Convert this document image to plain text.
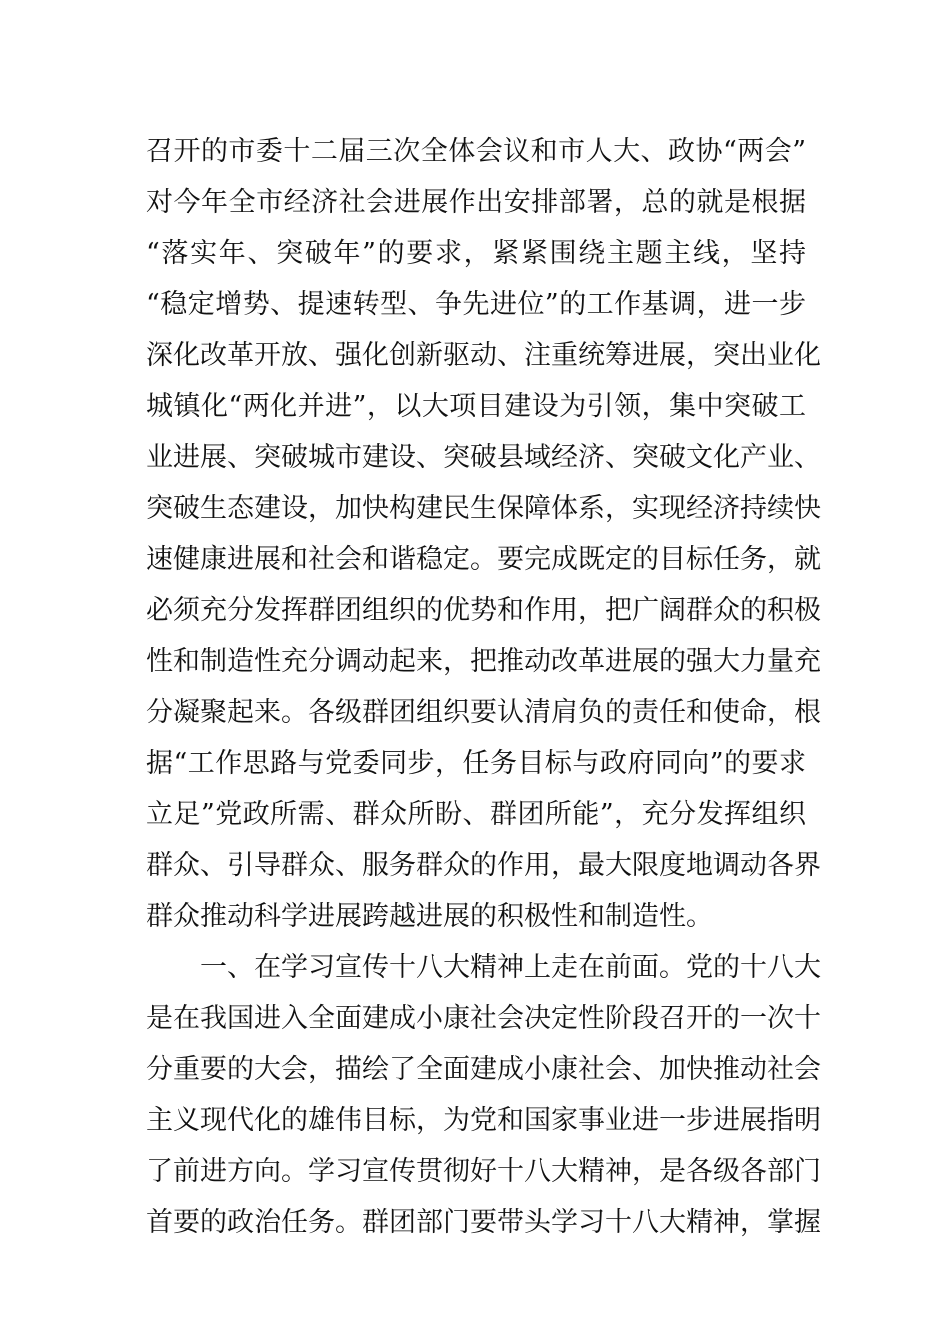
召开的市委十二届三次全体会议和市人大、政协“两会”
对今年全市经济社会进展作出安排部署，总的就是根据
“落实年、突破年”的要求，紧紧围绕主题主线，坚持
“稳定增势、提速转型、争先进位”的工作基调，进一步
深化改革开放、强化创新驱动、注重统筹进展，突出业化
城镇化“两化并进”，以大项目建设为引领，集中突破工
业进展、突破城市建设、突破县域经济、突破文化产业、
突破生态建设，加快构建民生保障体系，实现经济持续快
速健康进展和社会和谐稳定。要完成既定的目标任务，就
必须充分发挥群团组织的优势和作用，把广阔群众的积极
性和制造性充分调动起来，把推动改革进展的强大力量充
分凝聚起来。各级群团组织要认清肩负的责任和使命，根
据“工作思路与党委同步，任务目标与政府同向”的要求
立足”党政所需、群众所盼、群团所能”，充分发挥组织
群众、引导群众、服务群众的作用，最大限度地调动各界
群众推动科学进展跨越进展的积极性和制造性。
一、在学习宣传十八大精神上走在前面。党的十八大
是在我国进入全面建成小康社会决定性阶段召开的一次十
分重要的大会，描绘了全面建成小康社会、加快推动社会
主义现代化的雄伟目标，为党和国家事业进一步进展指明
了前进方向。学习宣传贯彻好十八大精神，是各级各部门
首要的政治任务。群团部门要带头学习十八大精神，掌握
